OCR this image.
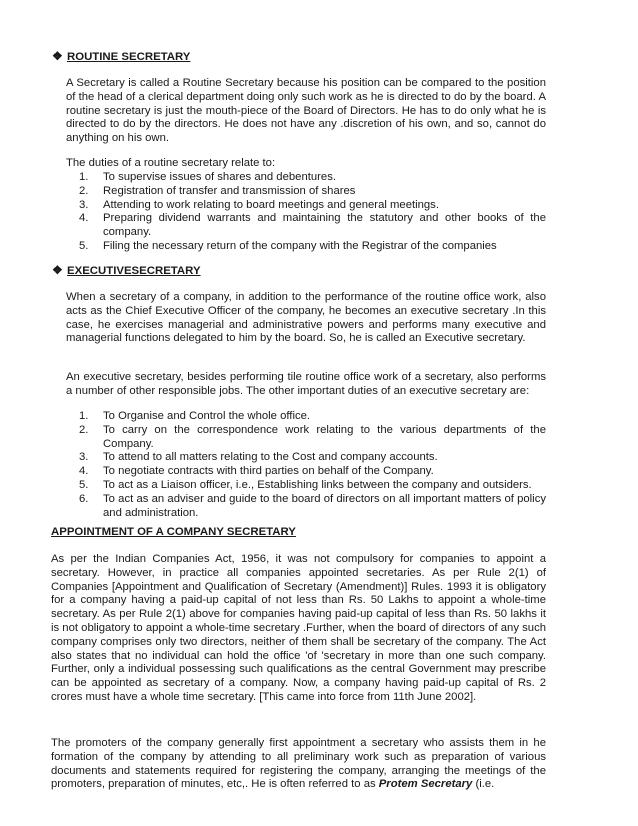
❖ ROUTINE SECRETARY

A Secretary is called a Routine Secretary because his position can be compared to the position of the head of a clerical department doing only such work as he is directed to do by the board. A routine secretary is just the mouth-piece of the Board of Directors. He has to do only what he is directed to do by the directors. He does not have any .discretion of his own, and so, cannot do anything on his own.

The duties of a routine secretary relate to:

1. To supervise issues of shares and debentures.
2. Registration of transfer and transmission of shares
3. Attending to work relating to board meetings and general meetings.
4. Preparing dividend warrants and maintaining the statutory and other books of the company.
5. Filing the necessary return of the company with the Registrar of the companies
❖ EXECUTIVESECRETARY

When a secretary of a company, in addition to the performance of the routine office work, also acts as the Chief Executive Officer of the company, he becomes an executive secretary .In this case, he exercises managerial and administrative powers and performs many executive and managerial functions delegated to him by the board. So, he is called an Executive secretary.

An executive secretary, besides performing tile routine office work of a secretary, also performs a number of other responsible jobs. The other important duties of an executive secretary are:

1. To Organise and Control the whole office.
2. To carry on the correspondence work relating to the various departments of the Company.
3. To attend to all matters relating to the Cost and company accounts.
4. To negotiate contracts with third parties on behalf of the Company.
5. To act as a Liaison officer, i.e., Establishing links between the company and outsiders.
6. To act as an adviser and guide to the board of directors on all important matters of policy and administration.
APPOINTMENT OF A COMPANY SECRETARY

As per the Indian Companies Act, 1956, it was not compulsory for companies to appoint a secretary. However, in practice all companies appointed secretaries. As per Rule 2(1) of Companies [Appointment and Qualification of Secretary (Amendment)] Rules. 1993 it is obligatory for a company having a paid-up capital of not less than Rs. 50 Lakhs to appoint a whole-time secretary. As per Rule 2(1) above for companies having paid-up capital of less than Rs. 50 lakhs it is not obligatory to appoint a whole-time secretary .Further, when the board of directors of any such company comprises only two directors, neither of them shall be secretary of the company. The Act also states that no individual can hold the office 'of 'secretary in more than one such company. Further, only a individual possessing such qualifications as the central Government may prescribe can be appointed as secretary of a company. Now, a company having paid-up capital of Rs. 2 crores must have a whole time secretary. [This came into force from 11th June 2002].

The promoters of the company generally first appointment a secretary who assists them in he formation of the company by attending to all preliminary work such as preparation of various documents and statements required for registering the company, arranging the meetings of the promoters, preparation of minutes, etc,. He is often referred to as Protem Secretary (i.e.
